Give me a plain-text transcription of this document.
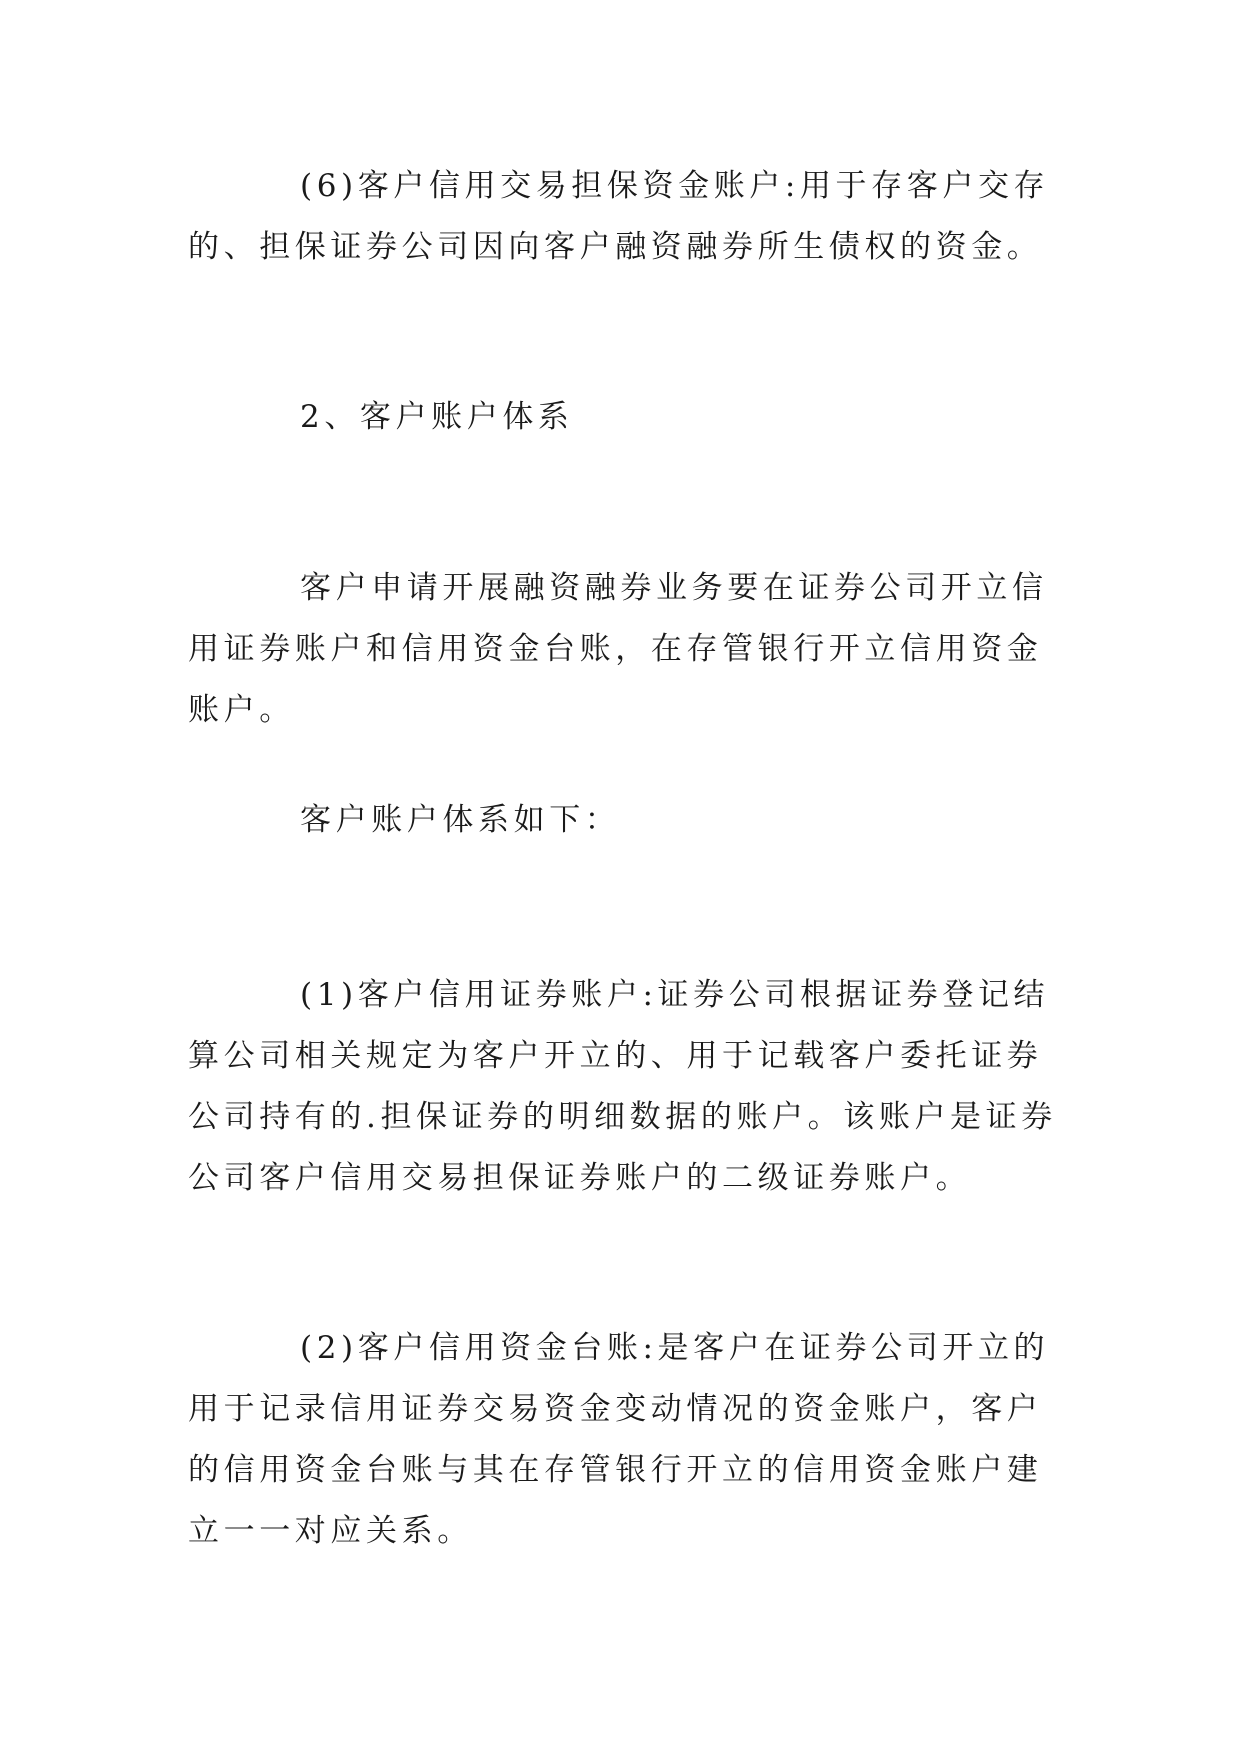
(6)客户信用交易担保资金账户:用于存客户交存的、担保证券公司因向客户融资融券所生债权的资金。

2、客户账户体系

客户申请开展融资融券业务要在证券公司开立信用证券账户和信用资金台账，在存管银行开立信用资金账户。

客户账户体系如下：

(1)客户信用证券账户:证券公司根据证券登记结算公司相关规定为客户开立的、用于记载客户委托证券公司持有的.担保证券的明细数据的账户。该账户是证券公司客户信用交易担保证券账户的二级证券账户。

(2)客户信用资金台账:是客户在证券公司开立的用于记录信用证券交易资金变动情况的资金账户，客户的信用资金台账与其在存管银行开立的信用资金账户建立一一对应关系。
